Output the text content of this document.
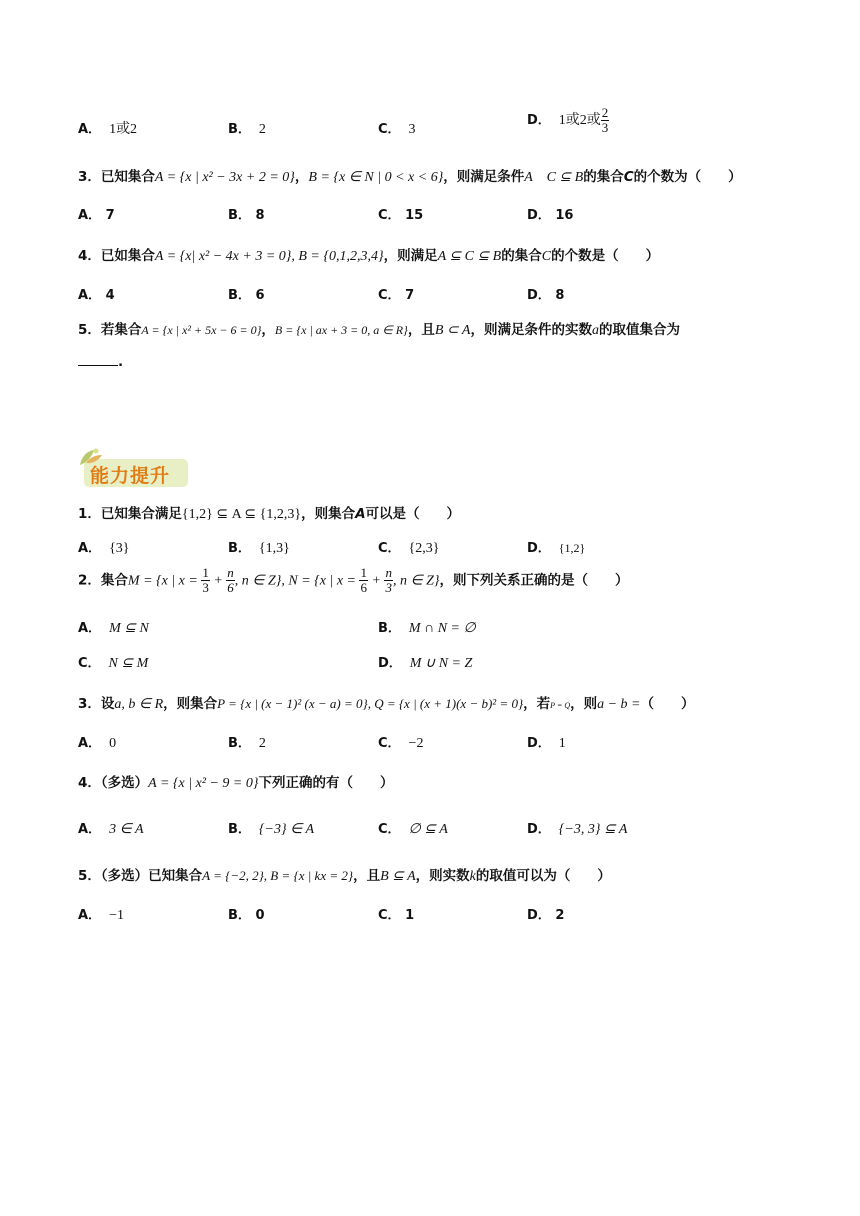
A． 1或2	B． 2	C． 3
D． 1或2或 $\frac{2}{3}$
3．已知集合A = {x | x² − 3x + 2 = 0}，B = {x ∈ N | 0 < x < 6}，则满足条件A    C ⊆ B的集合C的个数为（　　）
A． 7	B． 8	C． 15	D． 16
4．已如集合A = {x| x² − 4x + 3 = 0}, B = {0,1,2,3,4}，则满足A ⊆ C ⊆ B的集合C的个数是（　　）
A． 4	B． 6	C． 7	D． 8
5．若集合A = {x | x² + 5x − 6 = 0}，B = {x | ax + 3 = 0, a ∈ R}，且B ⊂ A，则满足条件的实数a的取值集合为
.
能力提升
1．已知集合满足{1,2} ⊆ A ⊆ {1,2,3}，则集合A可以是（　　）
A． {3}	B． {1,3}	C． {2,3}	D． {1,2}
2．集合M = {x | $x = \frac{1}{3} + \frac{n}{6}$ , n ∈ Z}, N = {x | $x = \frac{1}{6} + \frac{n}{3}$ , n ∈ Z}，则下列关系正确的是（　　）
A． M ⊆ N	B． M ∩ N = ∅
C． N ⊆ M	D． M ∪ N = Z
3．设a, b ∈ R，则集合P = {x | (x − 1)² (x − a) = 0}, Q = {x | (x + 1)(x − b)² = 0}，若P = Q，则a − b =（　　）
A． 0	B． 2	C． −2	D． 1
4．（多选）A = {x | x² − 9 = 0}下列正确的有（　　）
A． 3 ∈ A	B． {−3} ∈ A	C． ∅ ⊆ A	D． {−3, 3} ⊆ A
5．（多选）已知集合A = {−2, 2}, B = {x | kx = 2}，且B ⊆ A，则实数k的取值可以为（　　）
A． −1	B． 0	C． 1	D． 2
